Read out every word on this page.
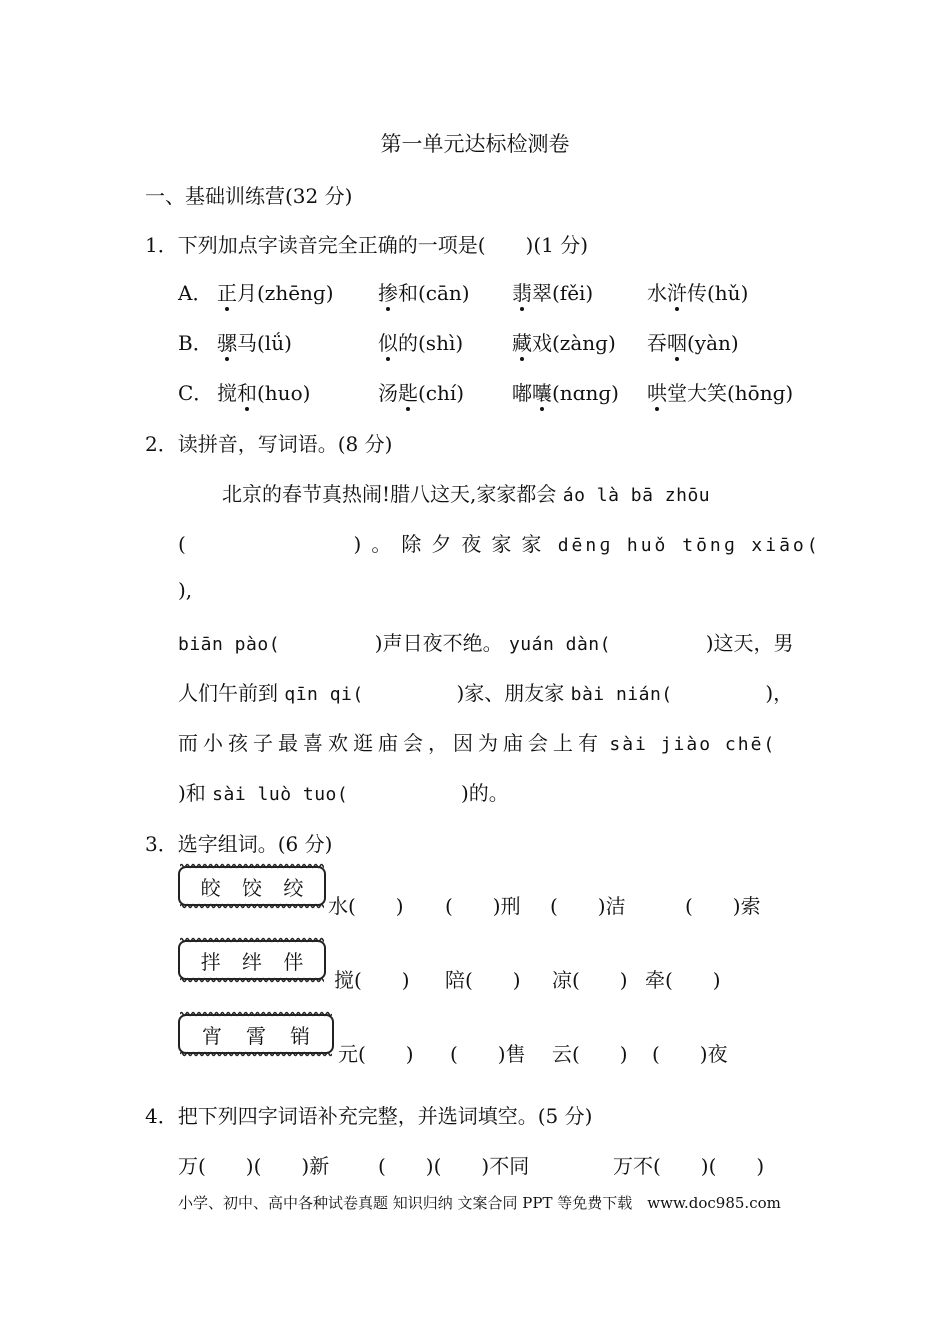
第一单元达标检测卷
一、基础训练营(32 分)
1．下列加点字读音完全正确的一项是(　　)(1 分)
A． 正月(zhēnɡ) 掺和(cān) 翡翠(fěi)	水浒传(hǔ)
B． 骡马(lǘ)	似的(shì) 藏戏(zànɡ) 吞咽(yàn)
C． 搅和(huo)	汤匙(chí) 嘟囔(nɑnɡ) 哄堂大笑(hōnɡ)
2．读拼音，写词语。(8 分)
北京的春节真热闹!腊八这天,家家都会 áo là bā zhōu
(	)。除夕夜家家 dēnɡ huǒ tōnɡ xiāo(
),
biān pào(	)声日夜不绝。 yuán dàn(	)这天，男
人们午前到 qīn qi(	)家、朋友家 bài nián(	)，
而小孩子最喜欢逛庙会，因为庙会上有 sài jiào chē(
)和 sài luò tuo(	)的。
3．选字组词。(6 分)
皎 饺 绞
水(　　) (　　)刑 (　　)洁	(　　)索
拌 绊 伴
搅(　　) 陪(　　) 凉(　　) 牵(　　)
宵 霄 销
元(　　) (　　)售 云(　　) (　　)夜
4．把下列四字词语补充完整，并选词填空。(5 分)
万(　　)(　　)新 (　　)(　　)不同	万不(　　)(　　)
小学、初中、高中各种试卷真题 知识归纳 文案合同 PPT 等免费下载　www.doc985.com
